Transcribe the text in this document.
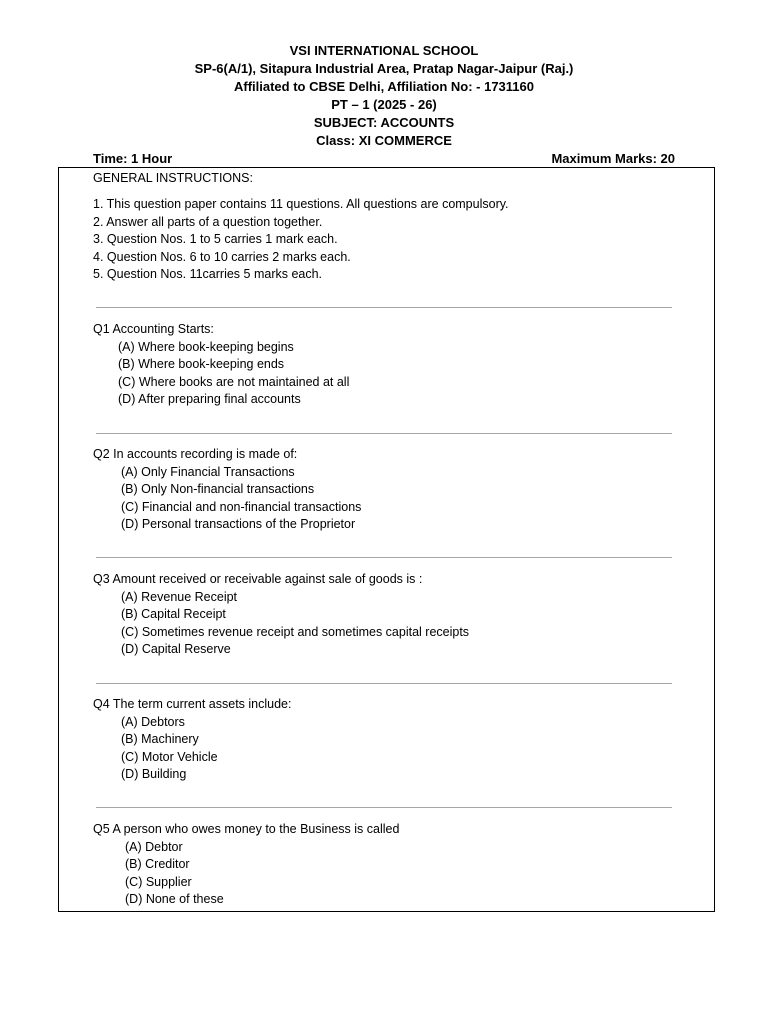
VSI INTERNATIONAL SCHOOL
SP-6(A/1), Sitapura Industrial Area, Pratap Nagar-Jaipur (Raj.)
Affiliated to CBSE Delhi, Affiliation No: - 1731160
PT – 1 (2025 - 26)
SUBJECT: ACCOUNTS
Class: XI COMMERCE
Time: 1 Hour	Maximum Marks: 20
GENERAL INSTRUCTIONS:
1. This question paper contains 11 questions. All questions are compulsory.
2. Answer all parts of a question together.
3. Question Nos. 1 to 5 carries 1 mark each.
4. Question Nos. 6 to 10 carries 2 marks each.
5. Question Nos. 11carries 5 marks each.
Q1 Accounting Starts:
(A) Where book-keeping begins
(B) Where book-keeping ends
(C) Where books are not maintained at all
(D) After preparing final accounts
Q2 In accounts recording is made of:
(A) Only Financial Transactions
(B) Only Non-financial transactions
(C) Financial and non-financial transactions
(D) Personal transactions of the Proprietor
Q3 Amount received or receivable against sale of goods is :
(A) Revenue Receipt
(B) Capital Receipt
(C) Sometimes revenue receipt and sometimes capital receipts
(D) Capital Reserve
Q4 The term current assets include:
(A) Debtors
(B) Machinery
(C) Motor Vehicle
(D) Building
Q5 A person who owes money to the Business is called
(A) Debtor
(B) Creditor
(C) Supplier
(D) None of these
